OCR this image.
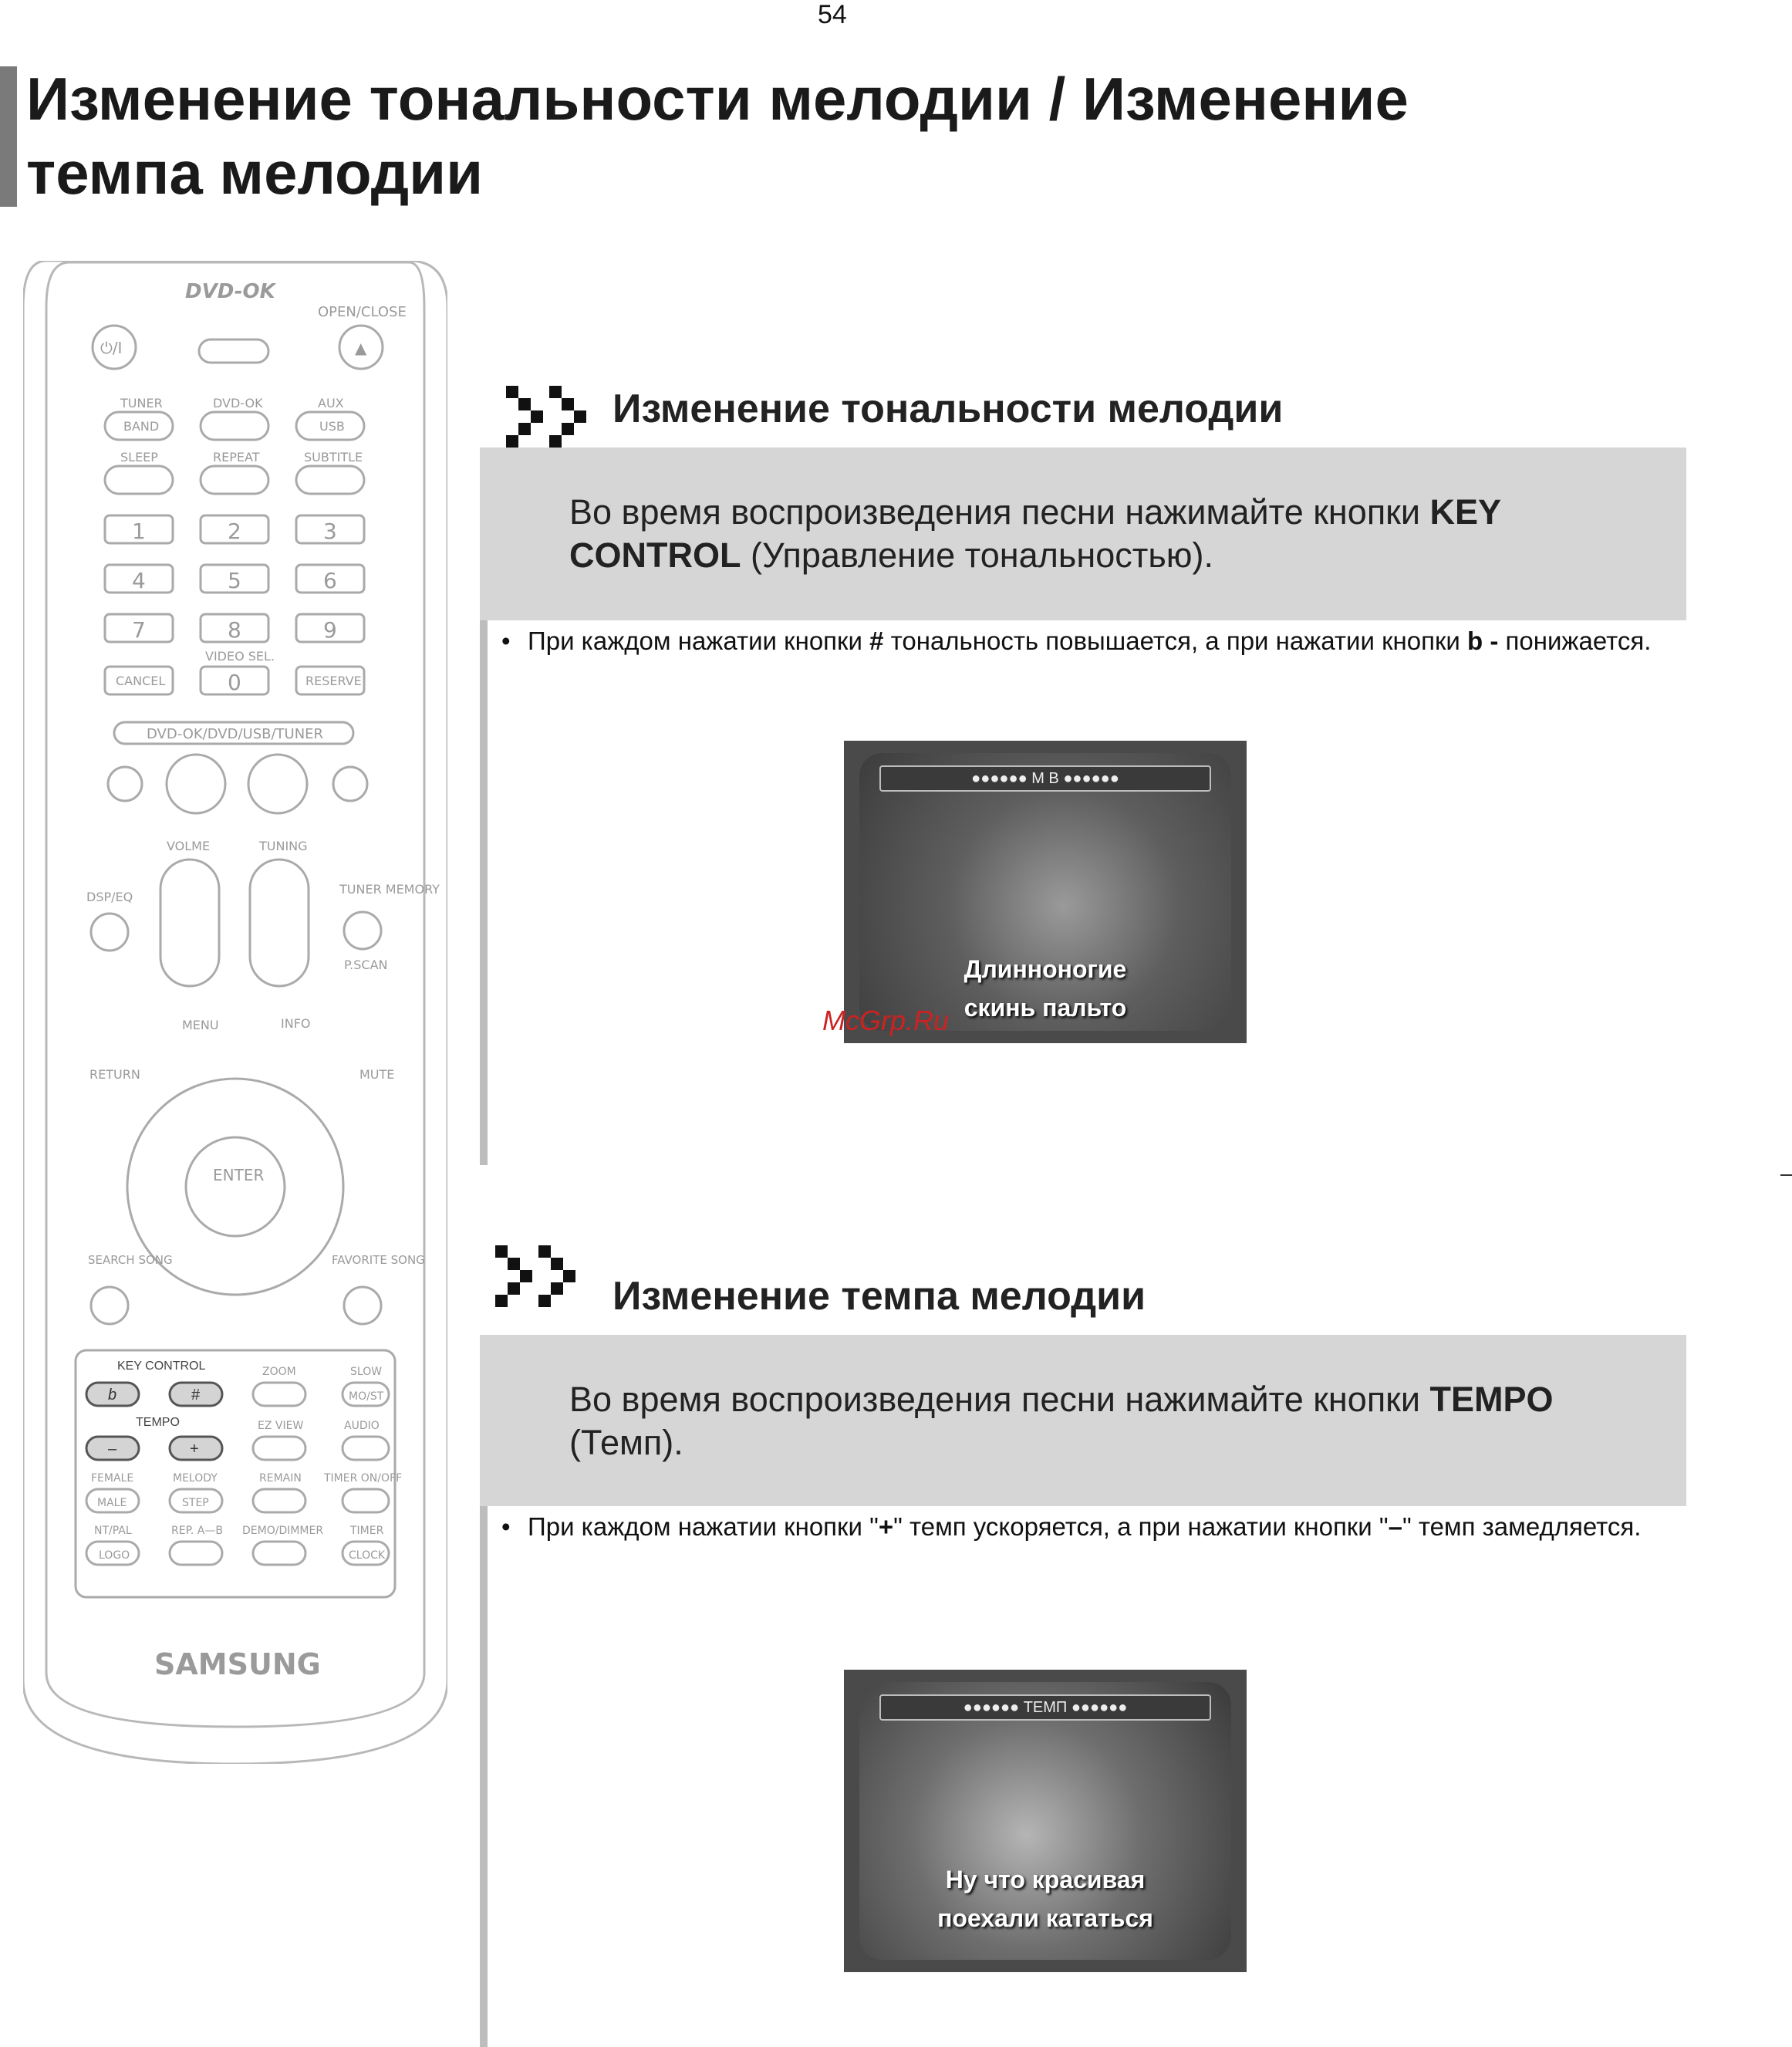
54
Изменение тональности мелодии / Изменение темпа мелодии
DVD-OK
OPEN/CLOSE
⏻/I	▲
TUNER	DVD-OK	AUX
BAND	USB
SLEEP	REPEAT	SUBTITLE
1	2	3
4	5	6
7	8	9
VIDEO SEL.
CANCEL	0	RESERVE
DVD-OK/DVD/USB/TUNER
VOLME	TUNING
DSP/EQ
TUNER MEMORY
P.SCAN
MENU	INFO
RETURN	MUTE
ENTER
SEARCH SONG	FAVORITE SONG
KEY CONTROL
b	#
TEMPO
–	+
ZOOM	SLOW
MO/ST
EZ VIEW	AUDIO
FEMALE
MALE
MELODY
STEP
REMAIN TIMER ON/OFF
NT/PAL
LOGO
REP. A—B DEMO/DIMMER TIMER
CLOCK
SAMSUNG
Изменение тональности мелодии
Во время воспроизведения песни нажимайте кнопки KEY CONTROL (Управление тональностью).
• При каждом нажатии кнопки # тональность повышается, а при нажатии кнопки b - понижается.
●●●●●● M B ●●●●●●
Длинноногие
скинь пальто
McGrp.Ru
Изменение темпа мелодии
Во время воспроизведения песни нажимайте кнопки TEMPO (Темп).
• При каждом нажатии кнопки "+" темп ускоряется, а при нажатии кнопки "–" темп замедляется.
●●●●●● ТЕМП ●●●●●●
Ну что красивая
поехали кататься
